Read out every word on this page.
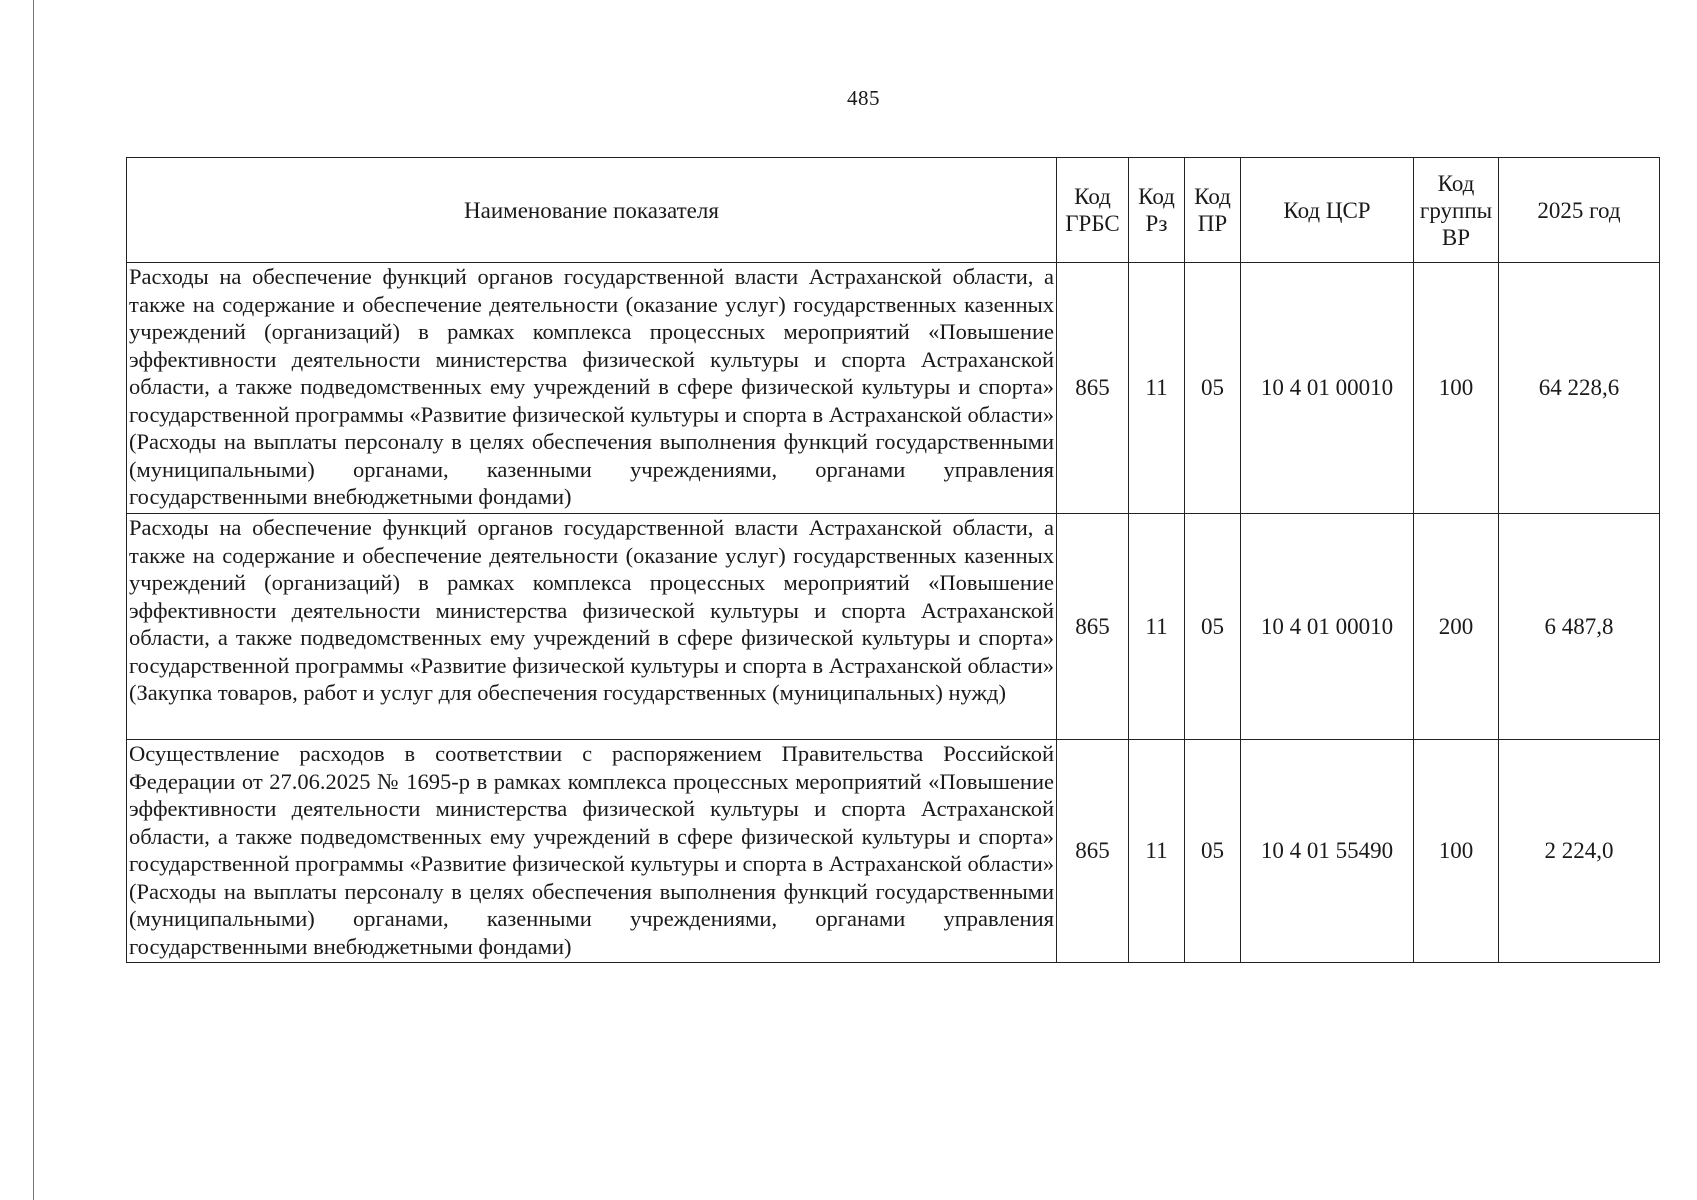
485
Наименование показателя	Код ГРБС	Код Рз	Код ПР	Код ЦСР	Код группы ВР	2025 год
Расходы на обеспечение функций органов государственной власти Астраханской области, а также на содержание и обеспечение деятельности (оказание услуг) государственных казенных учреждений (организаций) в рамках комплекса процессных мероприятий «Повышение эффективности деятельности министерства физической культуры и спорта Астраханской области, а также подведомственных ему учреждений в сфере физической культуры и спорта» государственной программы «Развитие физической культуры и спорта в Астраханской области» (Расходы на выплаты персоналу в целях обеспечения выполнения функций государственными (муниципальными) органами, казенными учреждениями, органами управления государственными внебюджетными фондами)	865	11	05	10 4 01 00010	100	64 228,6
Расходы на обеспечение функций органов государственной власти Астраханской области, а также на содержание и обеспечение деятельности (оказание услуг) государственных казенных учреждений (организаций) в рамках комплекса процессных мероприятий «Повышение эффективности деятельности министерства физической культуры и спорта Астраханской области, а также подведомственных ему учреждений в сфере физической культуры и спорта» государственной программы «Развитие физической культуры и спорта в Астраханской области» (Закупка товаров, работ и услуг для обеспечения государственных (муниципальных) нужд)	865	11	05	10 4 01 00010	200	6 487,8
Осуществление расходов в соответствии с распоряжением Правительства Российской Федерации от 27.06.2025 № 1695-р в рамках комплекса процессных мероприятий «Повышение эффективности деятельности министерства физической культуры и спорта Астраханской области, а также подведомственных ему учреждений в сфере физической культуры и спорта» государственной программы «Развитие физической культуры и спорта в Астраханской области» (Расходы на выплаты персоналу в целях обеспечения выполнения функций государственными (муниципальными) органами, казенными учреждениями, органами управления государственными внебюджетными фондами)	865	11	05	10 4 01 55490	100	2 224,0
